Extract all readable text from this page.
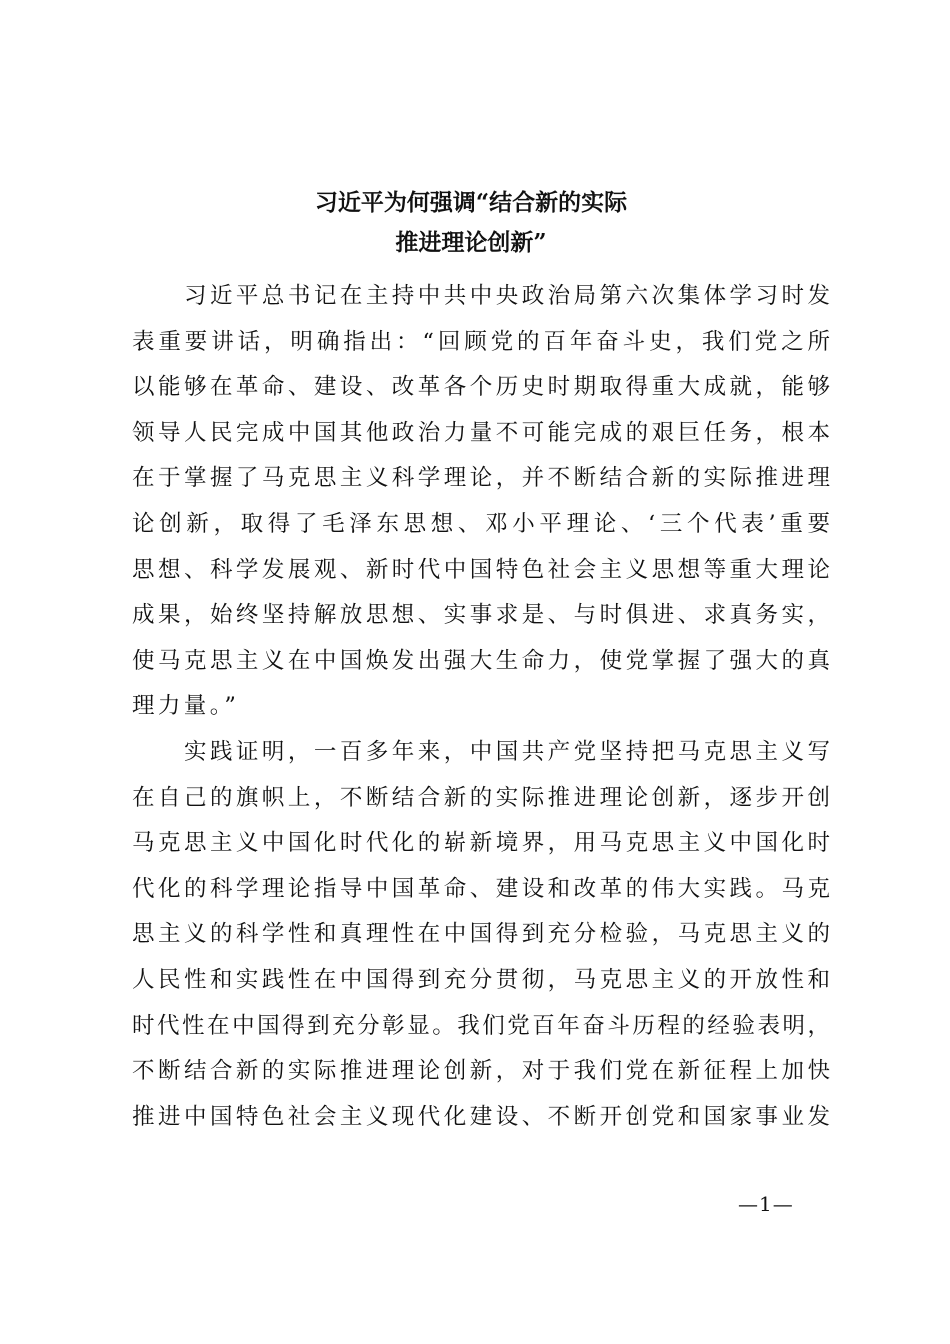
习近平为何强调“结合新的实际
推进理论创新”
　　习近平总书记在主持中共中央政治局第六次集体学习时发
表重要讲话，明确指出：“回顾党的百年奋斗史，我们党之所
以能够在革命、建设、改革各个历史时期取得重大成就，能够
领导人民完成中国其他政治力量不可能完成的艰巨任务，根本
在于掌握了马克思主义科学理论，并不断结合新的实际推进理
论创新，取得了毛泽东思想、邓小平理论、‘三个代表’重要
思想、科学发展观、新时代中国特色社会主义思想等重大理论
成果，始终坚持解放思想、实事求是、与时俱进、求真务实，
使马克思主义在中国焕发出强大生命力，使党掌握了强大的真
理力量。”
　　实践证明，一百多年来，中国共产党坚持把马克思主义写
在自己的旗帜上，不断结合新的实际推进理论创新，逐步开创
马克思主义中国化时代化的崭新境界，用马克思主义中国化时
代化的科学理论指导中国革命、建设和改革的伟大实践。马克
思主义的科学性和真理性在中国得到充分检验，马克思主义的
人民性和实践性在中国得到充分贯彻，马克思主义的开放性和
时代性在中国得到充分彰显。我们党百年奋斗历程的经验表明，
不断结合新的实际推进理论创新，对于我们党在新征程上加快
推进中国特色社会主义现代化建设、不断开创党和国家事业发
—1—
